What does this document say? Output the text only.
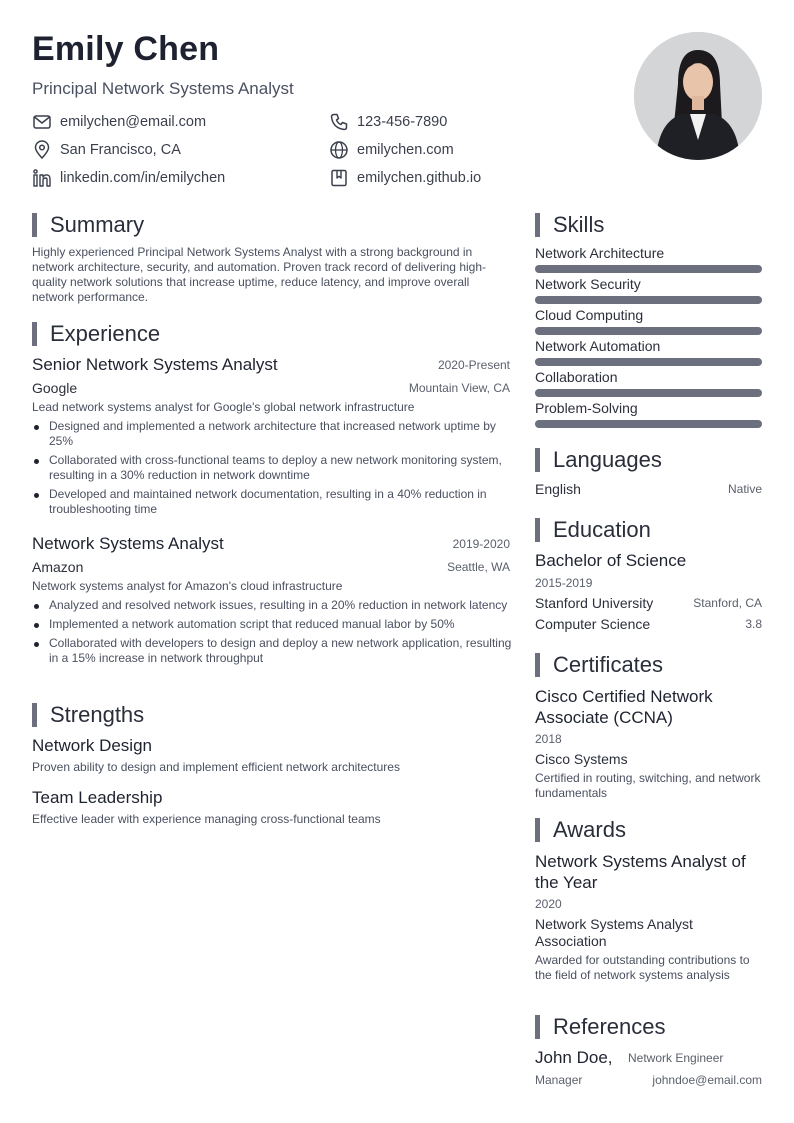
Emily Chen
Principal Network Systems Analyst
emilychen@email.com	123-456-7890
San Francisco, CA	emilychen.com
linkedin.com/in/emilychen	emilychen.github.io
Summary
Highly experienced Principal Network Systems Analyst with a strong background in network architecture, security, and automation. Proven track record of delivering high-quality network solutions that increase uptime, reduce latency, and improve overall network performance.
Experience
Senior Network Systems Analyst	2020-Present
Google	Mountain View, CA
Lead network systems analyst for Google's global network infrastructure
Designed and implemented a network architecture that increased network uptime by 25%
Collaborated with cross-functional teams to deploy a new network monitoring system, resulting in a 30% reduction in network downtime
Developed and maintained network documentation, resulting in a 40% reduction in troubleshooting time
Network Systems Analyst	2019-2020
Amazon	Seattle, WA
Network systems analyst for Amazon's cloud infrastructure
Analyzed and resolved network issues, resulting in a 20% reduction in network latency
Implemented a network automation script that reduced manual labor by 50%
Collaborated with developers to design and deploy a new network application, resulting in a 15% increase in network throughput
Strengths
Network Design
Proven ability to design and implement efficient network architectures
Team Leadership
Effective leader with experience managing cross-functional teams
Skills
Network Architecture
Network Security
Cloud Computing
Network Automation
Collaboration
Problem-Solving
Languages
English	Native
Education
Bachelor of Science
2015-2019
Stanford University	Stanford, CA
Computer Science	3.8
Certificates
Cisco Certified Network Associate (CCNA)
2018
Cisco Systems
Certified in routing, switching, and network fundamentals
Awards
Network Systems Analyst of the Year
2020
Network Systems Analyst Association
Awarded for outstanding contributions to the field of network systems analysis
References
John Doe, Network Engineer
Manager	johndoe@email.com
